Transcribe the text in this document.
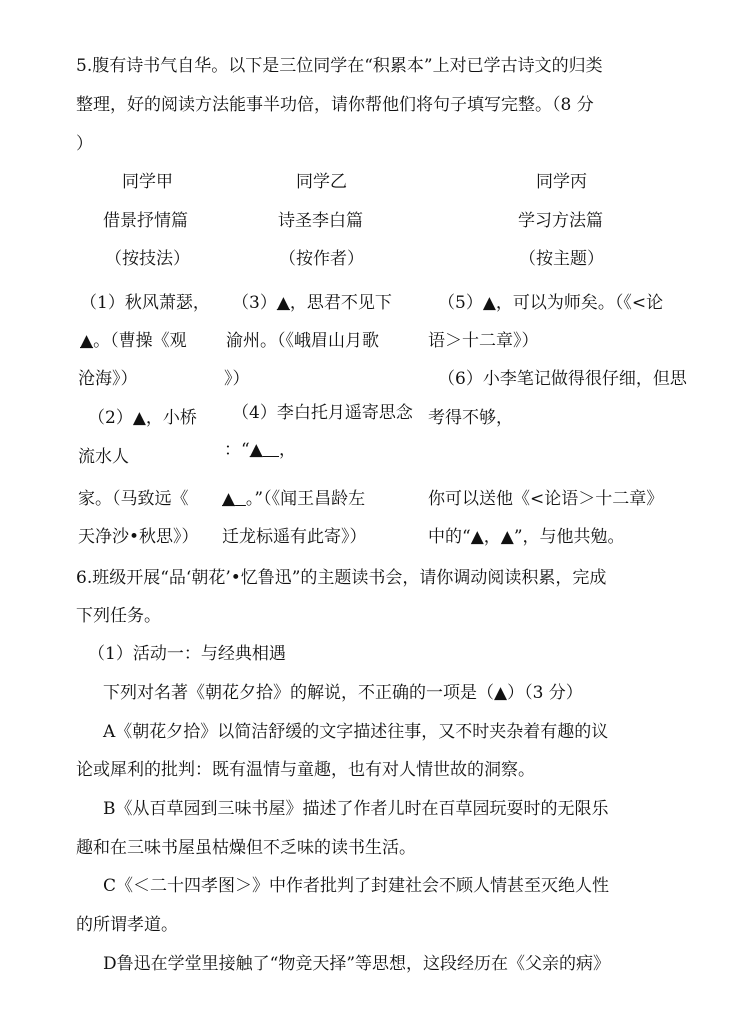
5.腹有诗书气自华。以下是三位同学在“积累本”上对已学古诗文的归类
整理，好的阅读方法能事半功倍，请你帮他们将句子填写完整。（8 分
）
同学甲	同学乙	同学丙
借景抒情篇	诗圣李白篇	学习方法篇
（按技法）	（按作者）	（按主题）
（1）秋风萧瑟，
▲。（曹操《观
沧海》）
（2）▲，小桥
流水人
家。（马致远《
天净沙•秋思》）
（3）▲，思君不见下
渝州。（《峨眉山月歌
》）
（4）李白托月遥寄思念
：“▲ ，
▲ 。”（《闻王昌龄左
迁龙标遥有此寄》）
（5）▲，可以为师矣。（《<论
语＞十二章》）
（6）小李笔记做得很仔细，但思
考得不够，
你可以送他《<论语＞十二章》
中的“▲，▲”，与他共勉。
6.班级开展“品‘朝花’•忆鲁迅”的主题读书会，请你调动阅读积累，完成
下列任务。
（1）活动一：与经典相遇
下列对名著《朝花夕拾》的解说，不正确的一项是（▲）（3 分）
A《朝花夕拾》以简洁舒缓的文字描述往事，又不时夹杂着有趣的议
论或犀利的批判：既有温情与童趣，也有对人情世故的洞察。
B《从百草园到三味书屋》描述了作者儿时在百草园玩耍时的无限乐
趣和在三味书屋虽枯燥但不乏味的读书生活。
C《＜二十四孝图＞》中作者批判了封建社会不顾人情甚至灭绝人性
的所谓孝道。
D鲁迅在学堂里接触了“物竞天择”等思想，这段经历在《父亲的病》
